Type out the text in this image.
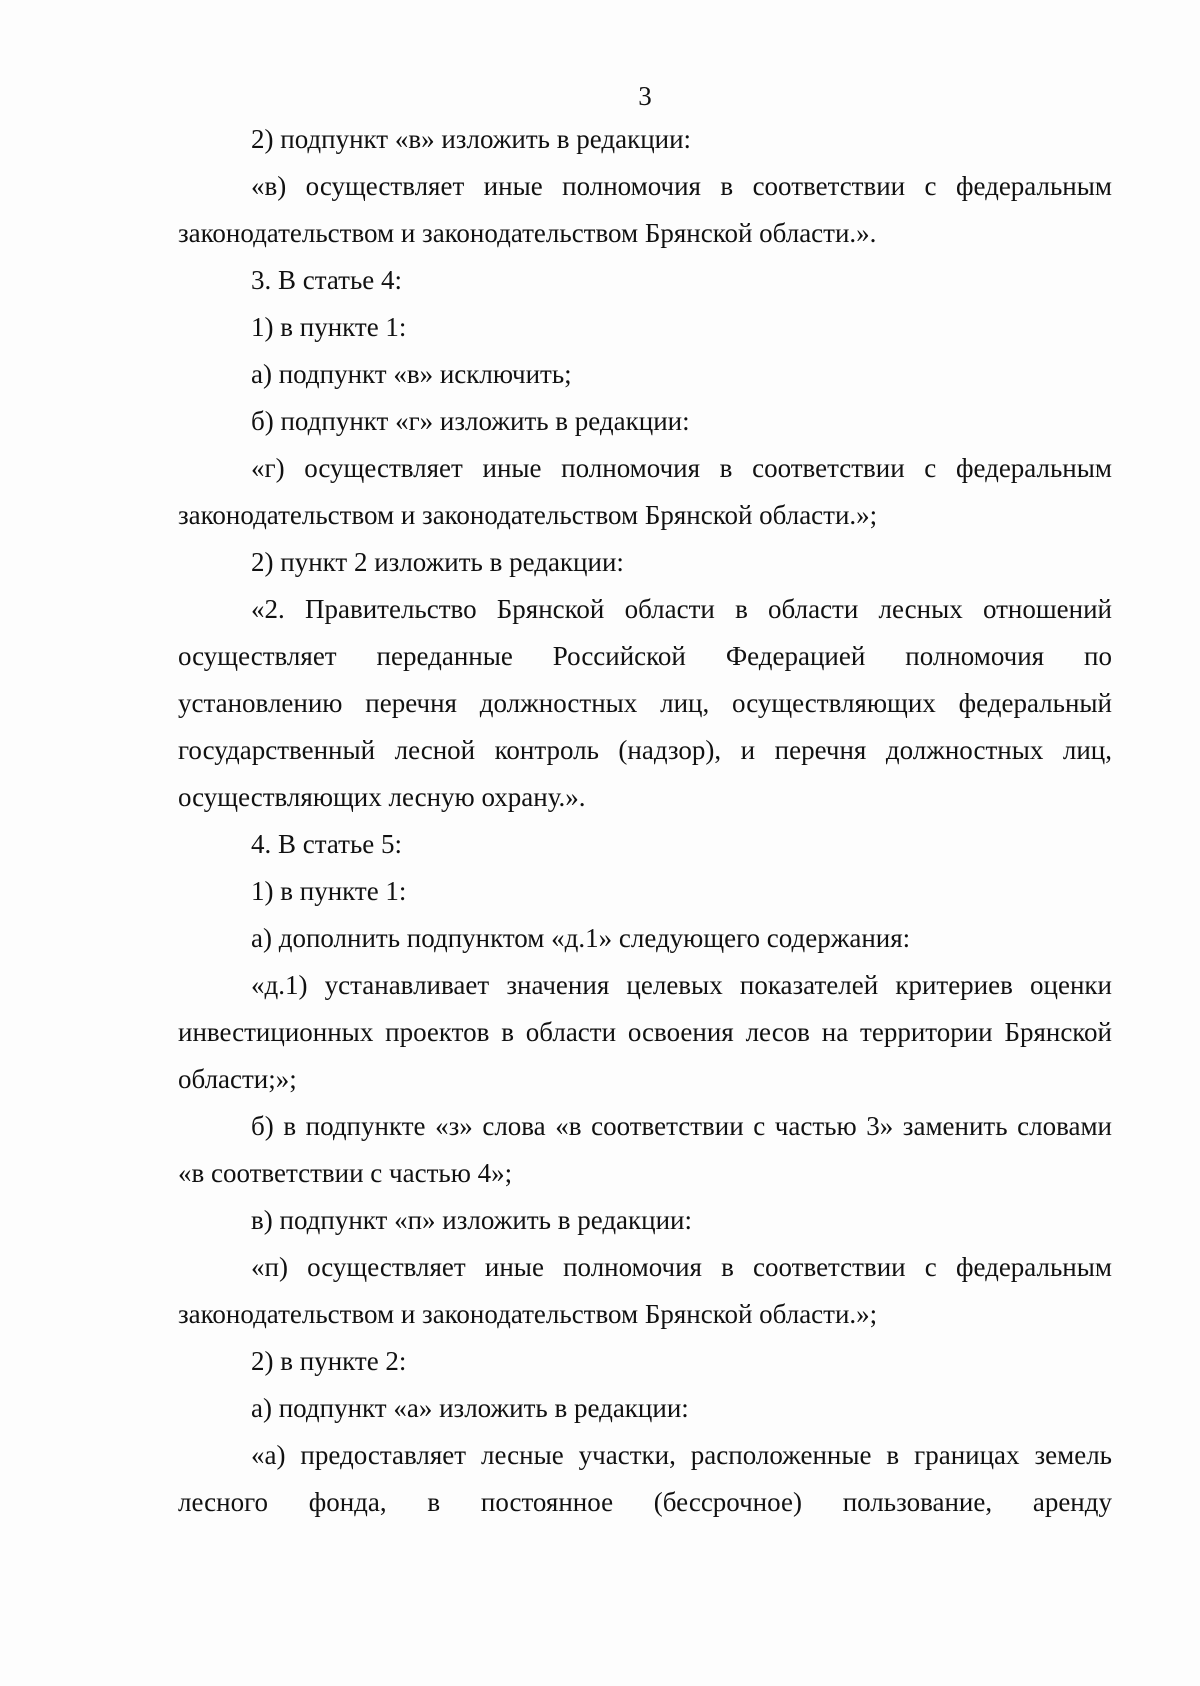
3

2) подпункт «в» изложить в редакции:

«в) осуществляет иные полномочия в соответствии с федеральным законодательством и законодательством Брянской области.».

3. В статье 4:

1) в пункте 1:

а) подпункт «в» исключить;

б) подпункт «г» изложить в редакции:

«г) осуществляет иные полномочия в соответствии с федеральным законодательством и законодательством Брянской области.»;

2) пункт 2 изложить в редакции:

«2. Правительство Брянской области в области лесных отношений осуществляет переданные Российской Федерацией полномочия по установлению перечня должностных лиц, осуществляющих федеральный государственный лесной контроль (надзор), и перечня должностных лиц, осуществляющих лесную охрану.».

4. В статье 5:

1) в пункте 1:

а) дополнить подпунктом «д.1» следующего содержания:

«д.1) устанавливает значения целевых показателей критериев оценки инвестиционных проектов в области освоения лесов на территории Брянской области;»;

б) в подпункте «з» слова «в соответствии с частью 3» заменить словами «в соответствии с частью 4»;

в) подпункт «п» изложить в редакции:

«п) осуществляет иные полномочия в соответствии с федеральным законодательством и законодательством Брянской области.»;

2) в пункте 2:

а) подпункт «а» изложить в редакции:

«а) предоставляет лесные участки, расположенные в границах земель лесного фонда, в постоянное (бессрочное) пользование, аренду
